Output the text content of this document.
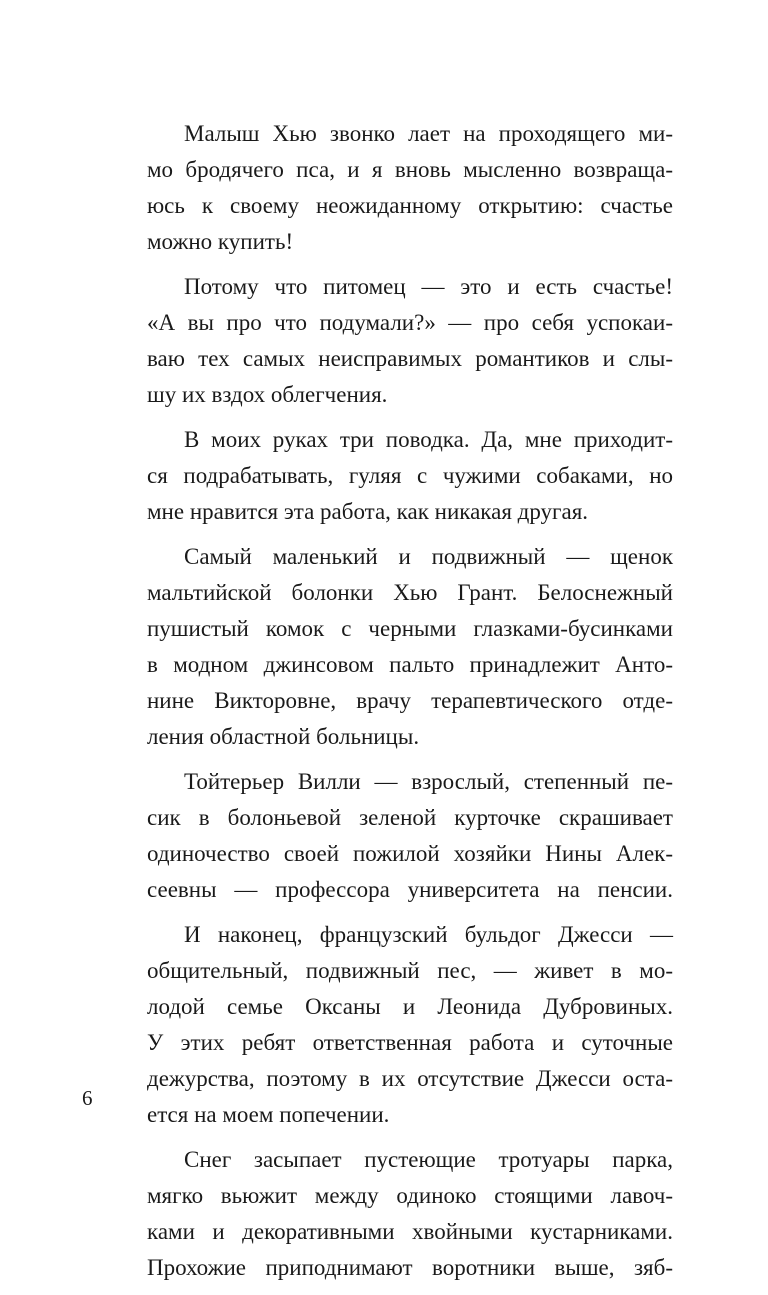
Малыш Хью звонко лает на проходящего ми-
мо бродячего пса, и я вновь мысленно возвраща-
юсь к своему неожиданному открытию: счастье
можно купить!
Потому что питомец — это и есть счастье!
«А вы про что подумали?» — про себя успокаи-
ваю тех самых неисправимых романтиков и слы-
шу их вздох облегчения.
В моих руках три поводка. Да, мне приходит-
ся подрабатывать, гуляя с чужими собаками, но
мне нравится эта работа, как никакая другая.
Самый маленький и подвижный — щенок
мальтийской болонки Хью Грант. Белоснежный
пушистый комок с черными глазками-бусинками
в модном джинсовом пальто принадлежит Анто-
нине Викторовне, врачу терапевтического отде-
ления областной больницы.
Тойтерьер Вилли — взрослый, степенный пе-
сик в болоньевой зеленой курточке скрашивает
одиночество своей пожилой хозяйки Нины Алек-
сеевны — профессора университета на пенсии.
И наконец, французский бульдог Джесси —
общительный, подвижный пес, — живет в мо-
лодой семье Оксаны и Леонида Дубровиных.
У этих ребят ответственная работа и суточные
дежурства, поэтому в их отсутствие Джесси оста-
ется на моем попечении.
Снег засыпает пустеющие тротуары парка,
мягко вьюжит между одиноко стоящими лавоч-
ками и декоративными хвойными кустарниками.
Прохожие приподнимают воротники выше, зяб-
6
